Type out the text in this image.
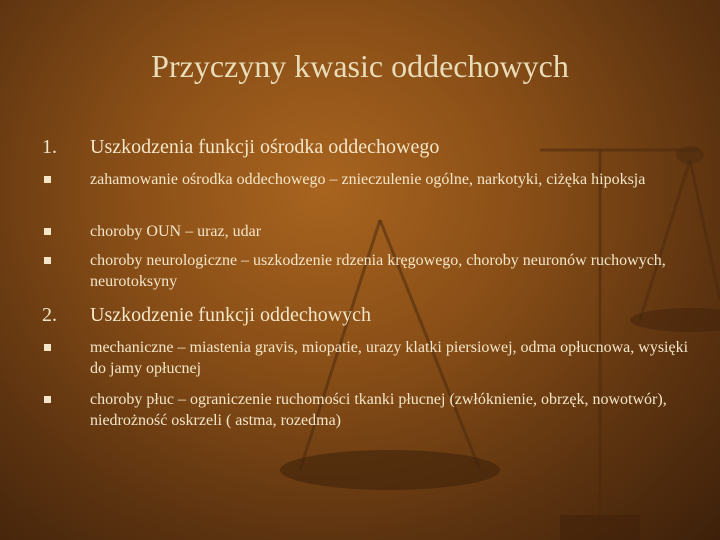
Przyczyny kwasic oddechowych
1. Uszkodzenia funkcji ośrodka oddechowego
zahamowanie ośrodka oddechowego – znieczulenie ogólne, narkotyki, ciżęka hipoksja
choroby OUN – uraz, udar
choroby neurologiczne – uszkodzenie rdzenia kręgowego, choroby neuronów ruchowych, neurotoksyny
2. Uszkodzenie funkcji oddechowych
mechaniczne – miastenia gravis, miopatie, urazy klatki piersiowej, odma opłucnowa, wysięki do jamy opłucnej
choroby płuc – ograniczenie ruchomości tkanki płucnej (zwłóknienie, obrzęk, nowotwór), niedrożność oskrzeli ( astma, rozedma)
